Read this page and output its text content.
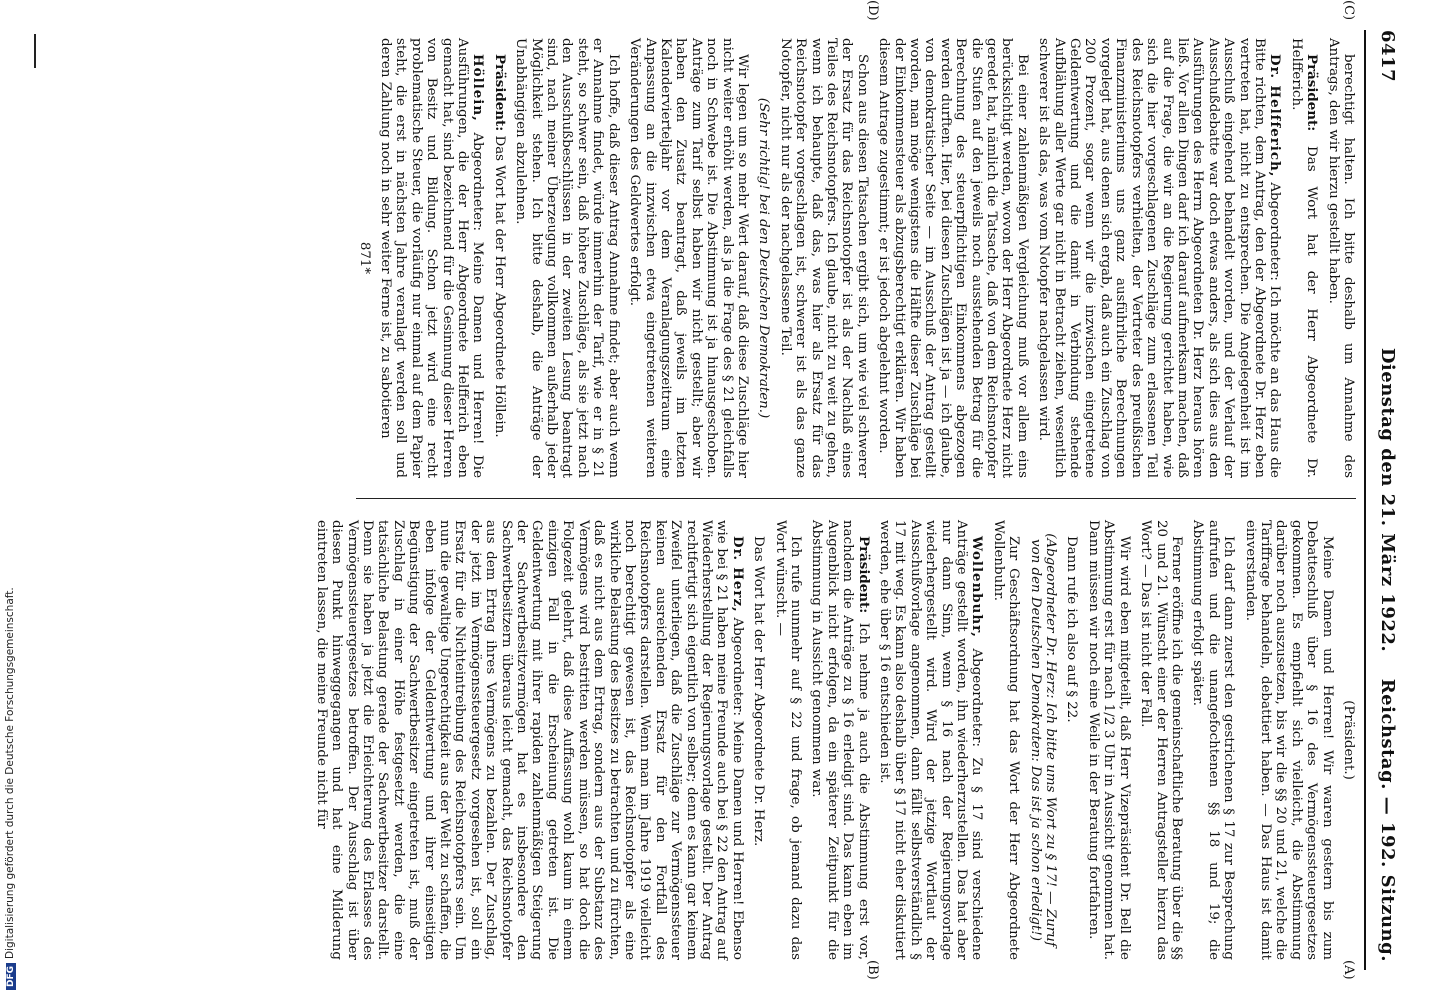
6417
Dienstag den 21. März 1922.
Reichstag. — 192. Sitzung.

(Präsident.)

Meine Damen und Herren! Wir waren gestern bis zum Debatteschluß über § 16 des Vermögenssteuergesetzes gekommen. Es empfiehlt sich vielleicht, die Abstimmung darüber noch auszusetzen, bis wir die §§ 20 und 21, welche die Tariffrage behandeln, debattiert haben. — Das Haus ist damit einverstanden.

Ich darf dann zuerst den gestrichenen § 17 zur Besprechung aufrufen und die unangefochtenen §§ 18 und 19; die Abstimmung erfolgt später.

Ferner eröffne ich die gemeinschaftliche Beratung über die §§ 20 und 21. Wünscht einer der Herren Antragsteller hierzu das Wort? — Das ist nicht der Fall.

Wir wird eben mitgeteilt, daß Herr Vizepräsident Dr. Bell die Abstimmung erst für nach 1/2 3 Uhr in Aussicht genommen hat. Dann müssen wir noch eine Weile in der Beratung fortfahren.

Dann rufe ich also auf § 22.

(Abgeordneter Dr. Herz: Ich bitte ums Wort zu § 17! — Zuruf von den Deutschen Demokraten: Das ist ja schon erledigt!)

Zur Geschäftsordnung hat das Wort der Herr Abgeordnete Wollenbuhr.

Wollenbuhr, Abgeordneter: Zu § 17 sind verschiedene Anträge gestellt worden, ihn wiederherzustellen. Das hat aber nur dann Sinn, wenn § 16 nach der Regierungsvorlage wiederhergestellt wird. Wird der jetzige Wortlaut der Ausschußvorlage angenommen, dann fällt selbstverständlich § 17 mit weg. Es kann also deshalb über § 17 nicht eher diskutiert werden, ehe über § 16 entschieden ist.

Präsident: Ich nehme ja auch die Abstimmung erst vor, nachdem die Anträge zu § 16 erledigt sind. Das kann eben im Augenblick nicht erfolgen, da ein späterer Zeitpunkt für die Abstimmung in Aussicht genommen war.

Ich rufe nunmehr auf § 22 und frage, ob jemand dazu das Wort wünscht. —

Das Wort hat der Herr Abgeordnete Dr. Herz.

Dr. Herz, Abgeordneter: Meine Damen und Herren! Ebenso wie bei § 21 haben meine Freunde auch bei § 22 den Antrag auf Wiederherstellung der Regierungsvorlage gestellt. Der Antrag rechtfertigt sich eigentlich von selber; denn es kann gar keinem Zweifel unterliegen, daß die Zuschläge zur Vermögenssteuer keinen ausreichenden Ersatz für den Fortfall des Reichsnotopfers darstellen. Wenn man im Jahre 1919 vielleicht noch berechtigt gewesen ist, das Reichsnotopfer als eine wirkliche Belastung des Besitzes zu betrachten und zu fürchten, daß es nicht aus dem Ertrag, sondern aus der Substanz des Vermögens wird bestritten werden müssen, so hat doch die Folgezeit gelehrt, daß diese Auffassung wohl kaum in einem einzigen Fall in die Erscheinung getreten ist. Die Geldentwertung mit ihrer rapiden zahlenmäßigen Steigerung der Sachwertbesitzvermögen hat es insbesondere den Sachwertbesitzern überaus leicht gemacht, das Reichsnotopfer aus dem Ertrag ihres Vermögens zu bezahlen. Der Zuschlag, der jetzt im Vermögenssteuergesetz vorgesehen ist, soll ein Ersatz für die Nichteintreibung des Reichsnotopfers sein. Um nun die gewaltige Ungerechtigkeit aus der Welt zu schaffen, die eben infolge der Geldentwertung und ihrer einseitigen Begünstigung der Sachwertbesitzer eingetreten ist, muß der Zuschlag in einer Höhe festgesetzt werden, die eine tatsächliche Belastung gerade der Sachwertbesitzer darstellt. Denn sie haben ja jetzt die Erleichterung des Erlasses des Vermögenssteuergesetzes betroffen. Der Ausschlag ist über diesen Punkt hinweggegangen und hat eine Milderung eintreten lassen, die meine Freunde nicht für

berechtigt halten. Ich bitte deshalb um Annahme des Antrags, den wir hierzu gestellt haben.

Präsident: Das Wort hat der Herr Abgeordnete Dr. Helfferich.

Dr. Helfferich, Abgeordneter: Ich möchte an das Haus die Bitte richten, dem Antrag, den der Abgeordnete Dr. Herz eben vertreten hat, nicht zu entsprechen. Die Angelegenheit ist im Ausschuß eingehend behandelt worden, und der Verlauf der Ausschußdebatte war doch etwas anders, als sich dies aus den Ausführungen des Herrn Abgeordneten Dr. Herz heraus hören ließ. Vor allen Dingen darf ich darauf aufmerksam machen, daß auf die Frage, die wir an die Regierung gerichtet haben, wie sich die hier vorgeschlagenen Zuschläge zum erlassenen Teil des Reichsnotopfers verhielten, der Vertreter des preußischen Finanzministeriums uns ganz ausführliche Berechnungen vorgelegt hat, aus denen sich ergab, daß auch ein Zuschlag von 200 Prozent, sogar wenn wir die inzwischen eingetretene Geldentwertung und die damit in Verbindung stehende Aufblähung aller Werte gar nicht in Betracht ziehen, wesentlich schwerer ist als das, was vom Notopfer nachgelassen wird.

Bei einer zahlenmäßigen Vergleichung muß vor allem eins berücksichtigt werden, wovon der Herr Abgeordnete Herz nicht geredet hat, nämlich die Tatsache, daß von dem Reichsnotopfer die Stufen auf den jeweils noch ausstehenden Betrag für die Berechnung des steuerpflichtigen Einkommens abgezogen werden durften. Hier, bei diesen Zuschlägen ist ja — ich glaube, von demokratischer Seite — im Ausschuß der Antrag gestellt worden, man möge wenigstens die Hälfte dieser Zuschläge bei der Einkommensteuer als abzugsberechtigt erklären. Wir haben diesem Antrage zugestimmt; er ist jedoch abgelehnt worden.

Schon aus diesen Tatsachen ergibt sich, um wie viel schwerer der Ersatz für das Reichsnotopfer ist als der Nachlaß eines Teiles des Reichsnotopfers. Ich glaube, nicht zu weit zu gehen, wenn ich behaupte, daß das, was hier als Ersatz für das Reichsnotopfer vorgeschlagen ist, schwerer ist als das ganze Notopfer, nicht nur als der nachgelassene Teil.

(Sehr richtig! bei den Deutschen Demokraten.)

Wir legen um so mehr Wert darauf, daß diese Zuschläge hier nicht weiter erhöht werden, als ja die Frage des § 21 gleichfalls noch in Schwebe ist. Die Abstimmung ist ja hinausgeschoben. Anträge zum Tarif selbst haben wir nicht gestellt; aber wir haben den Zusatz beantragt, daß jeweils im letzten Kalendervierteljahr vor dem Veranlagungszeitraum eine Anpassung an die inzwischen etwa eingetretenen weiteren Veränderungen des Geldwertes erfolgt.

Ich hoffe, daß dieser Antrag Annahme findet; aber auch wenn er Annahme findet, würde immerhin der Tarif, wie er in § 21 steht, so schwer sein, daß höhere Zuschläge, als sie jetzt nach den Ausschußbeschlüssen in der zweiten Lesung beantragt sind, nach meiner Überzeugung vollkommen außerhalb jeder Möglichkeit stehen. Ich bitte deshalb, die Anträge der Unabhängigen abzulehnen.

Präsident: Das Wort hat der Herr Abgeordnete Höllein.

Höllein, Abgeordneter: Meine Damen und Herren! Die Ausführungen, die der Herr Abgeordnete Helfferich eben gemacht hat, sind bezeichnend für die Gesinnung dieser Herren von Besitz und Bildung. Schon jetzt wird eine recht problematische Steuer, die vorläufig nur einmal auf dem Papier steht, die erst in nächsten Jahre veranlagt werden soll und deren Zahlung noch in sehr weiter Ferne ist, zu sabotieren

871*

(A)
(B)
(C)
(D)
DFGDigitalisierung gefördert durch die Deutsche Forschungsgemeinschaft.
